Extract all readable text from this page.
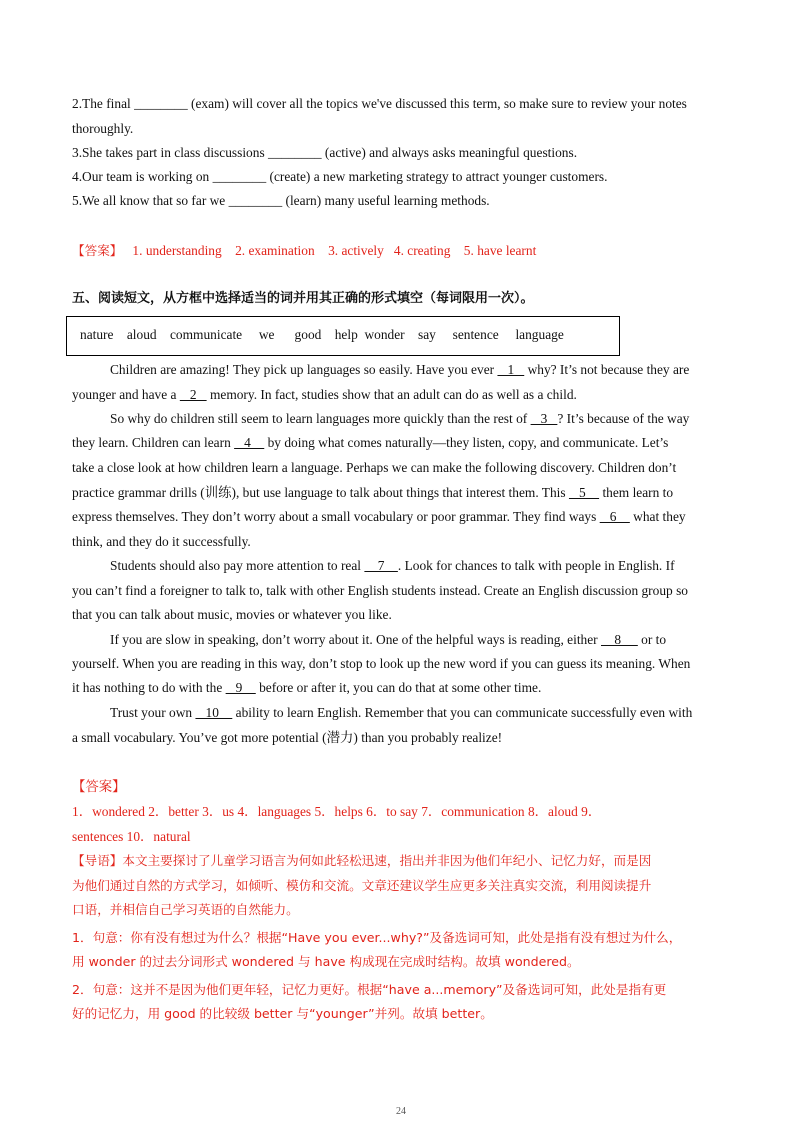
2.The final ________ (exam) will cover all the topics we've discussed this term, so make sure to review your notes
thoroughly.
3.She takes part in class discussions ________ (active) and always asks meaningful questions.
4.Our team is working on ________ (create) a new marketing strategy to attract younger customers.
5.We all know that so far we ________ (learn) many useful learning methods.
【答案】 1. understanding 2. examination 3. actively 4. creating 5. have learnt
五、阅读短文，从方框中选择适当的词并用其正确的形式填空（每词限用一次）。
nature    aloud    communicate     we      good    help  wonder    say     sentence     language
Children are amazing! They pick up languages so easily. Have you ever    1    why? It’s not because they are
younger and have a    2    memory. In fact, studies show that an adult can do as well as a child.
So why do children still seem to learn languages more quickly than the rest of    3   ? It’s because of the way
they learn. Children can learn    4     by doing what comes naturally—they listen, copy, and communicate. Let’s
take a close look at how children learn a language. Perhaps we can make the following discovery. Children don’t
practice grammar drills (训练), but use language to talk about things that interest them. This    5     them learn to
express themselves. They don’t worry about a small vocabulary or poor grammar. They find ways    6     what they
think, and they do it successfully.
Students should also pay more attention to real     7    . Look for chances to talk with people in English. If
you can’t find a foreigner to talk to, talk with other English students instead. Create an English discussion group so
that you can talk about music, movies or whatever you like.
If you are slow in speaking, don’t worry about it. One of the helpful ways is reading, either     8      or to
yourself. When you are reading in this way, don’t stop to look up the new word if you can guess its meaning. When
it has nothing to do with the    9     before or after it, you can do that at some other time.
Trust your own    10     ability to learn English. Remember that you can communicate successfully even with
a small vocabulary. You’ve got more potential (潜力) than you probably realize!
【答案】
1．wondered 2．better 3．us 4．languages 5．helps 6．to say 7．communication 8．aloud 9．
sentences 10．natural
【导语】本文主要探讨了儿童学习语言为何如此轻松迅速，指出并非因为他们年纪小、记忆力好，而是因
为他们通过自然的方式学习，如倾听、模仿和交流。文章还建议学生应更多关注真实交流，利用阅读提升
口语，并相信自己学习英语的自然能力。
1．句意：你有没有想过为什么？根据“Have you ever...why?”及备选词可知，此处是指有没有想过为什么，
用 wonder 的过去分词形式 wondered 与 have 构成现在完成时结构。故填 wondered。
2．句意：这并不是因为他们更年轻，记忆力更好。根据“have a...memory”及备选词可知，此处是指有更
好的记忆力，用 good 的比较级 better 与“younger”并列。故填 better。
24
